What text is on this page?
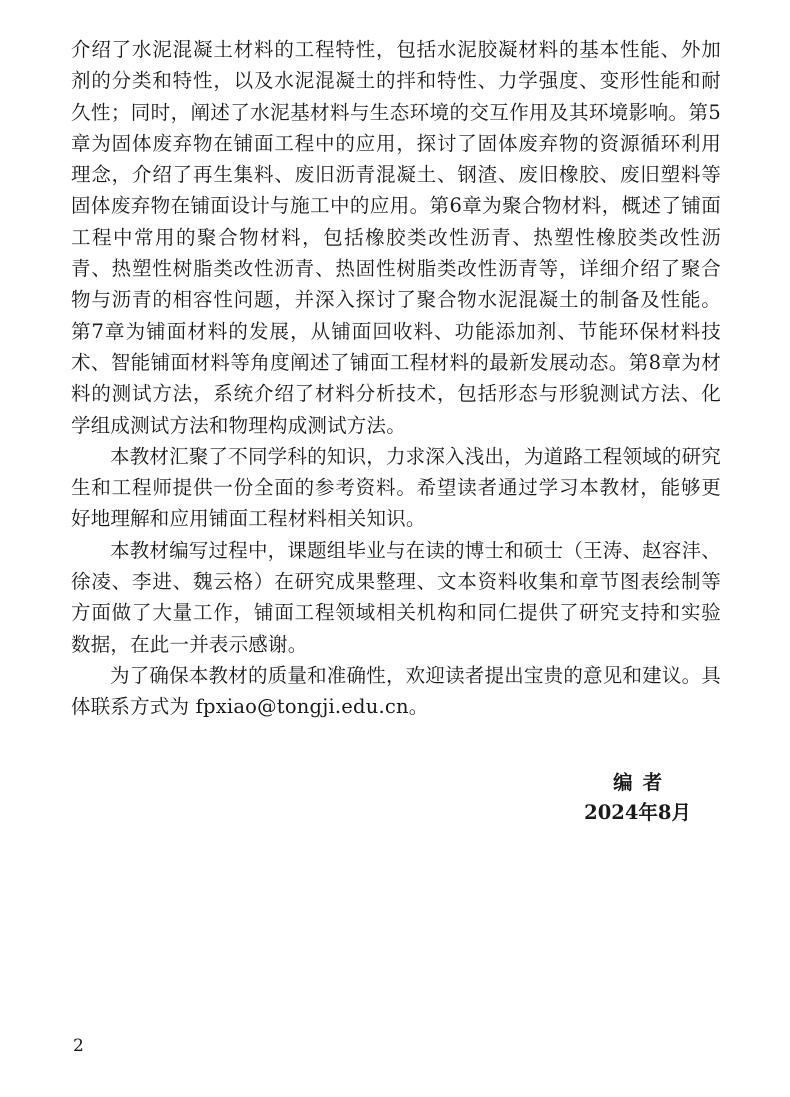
介绍了水泥混凝土材料的工程特性，包括水泥胶凝材料的基本性能、外加剂的分类和特性，以及水泥混凝土的拌和特性、力学强度、变形性能和耐久性；同时，阐述了水泥基材料与生态环境的交互作用及其环境影响。第5章为固体废弃物在铺面工程中的应用，探讨了固体废弃物的资源循环利用理念，介绍了再生集料、废旧沥青混凝土、钢渣、废旧橡胶、废旧塑料等固体废弃物在铺面设计与施工中的应用。第6章为聚合物材料，概述了铺面工程中常用的聚合物材料，包括橡胶类改性沥青、热塑性橡胶类改性沥青、热塑性树脂类改性沥青、热固性树脂类改性沥青等，详细介绍了聚合物与沥青的相容性问题，并深入探讨了聚合物水泥混凝土的制备及性能。第7章为铺面材料的发展，从铺面回收料、功能添加剂、节能环保材料技术、智能铺面材料等角度阐述了铺面工程材料的最新发展动态。第8章为材料的测试方法，系统介绍了材料分析技术，包括形态与形貌测试方法、化学组成测试方法和物理构成测试方法。

本教材汇聚了不同学科的知识，力求深入浅出，为道路工程领域的研究生和工程师提供一份全面的参考资料。希望读者通过学习本教材，能够更好地理解和应用铺面工程材料相关知识。

本教材编写过程中，课题组毕业与在读的博士和硕士（王涛、赵容沣、徐凌、李进、魏云格）在研究成果整理、文本资料收集和章节图表绘制等方面做了大量工作，铺面工程领域相关机构和同仁提供了研究支持和实验数据，在此一并表示感谢。

为了确保本教材的质量和准确性，欢迎读者提出宝贵的意见和建议。具体联系方式为 fpxiao@tongji.edu.cn。

编者
2024年8月
2
